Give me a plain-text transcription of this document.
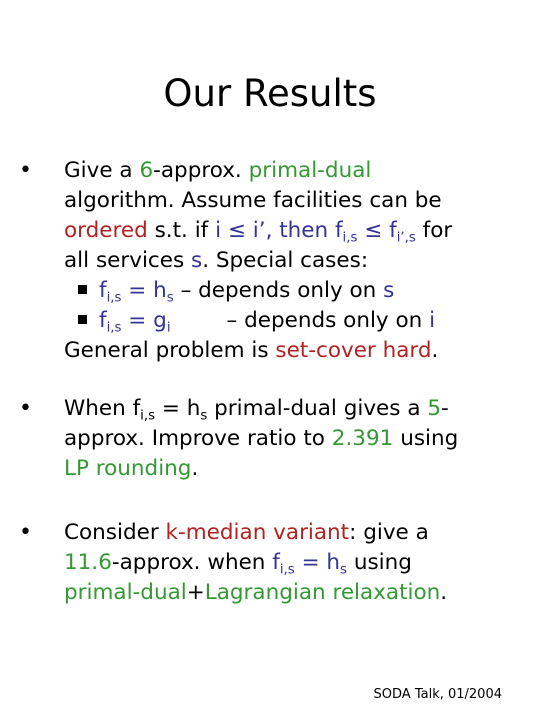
Our Results
• Give a 6-approx. primal-dual
algorithm. Assume facilities can be
ordered s.t. if i ≤ i’, then $f_{i,s} \le f_{i’,s}$ for
all services s. Special cases:
$f_{i,s} = h_s$ – depends only on s
$f_{i,s} = g_i$	– depends only on i
General problem is set-cover hard.
• When $f_{i,s} = h_s$ primal-dual gives a 5-
approx. Improve ratio to 2.391 using
LP rounding.
• Consider k-median variant: give a
11.6-approx. when $f_{i,s} = h_s$ using
primal-dual+Lagrangian relaxation.
SODA Talk, 01/2004
